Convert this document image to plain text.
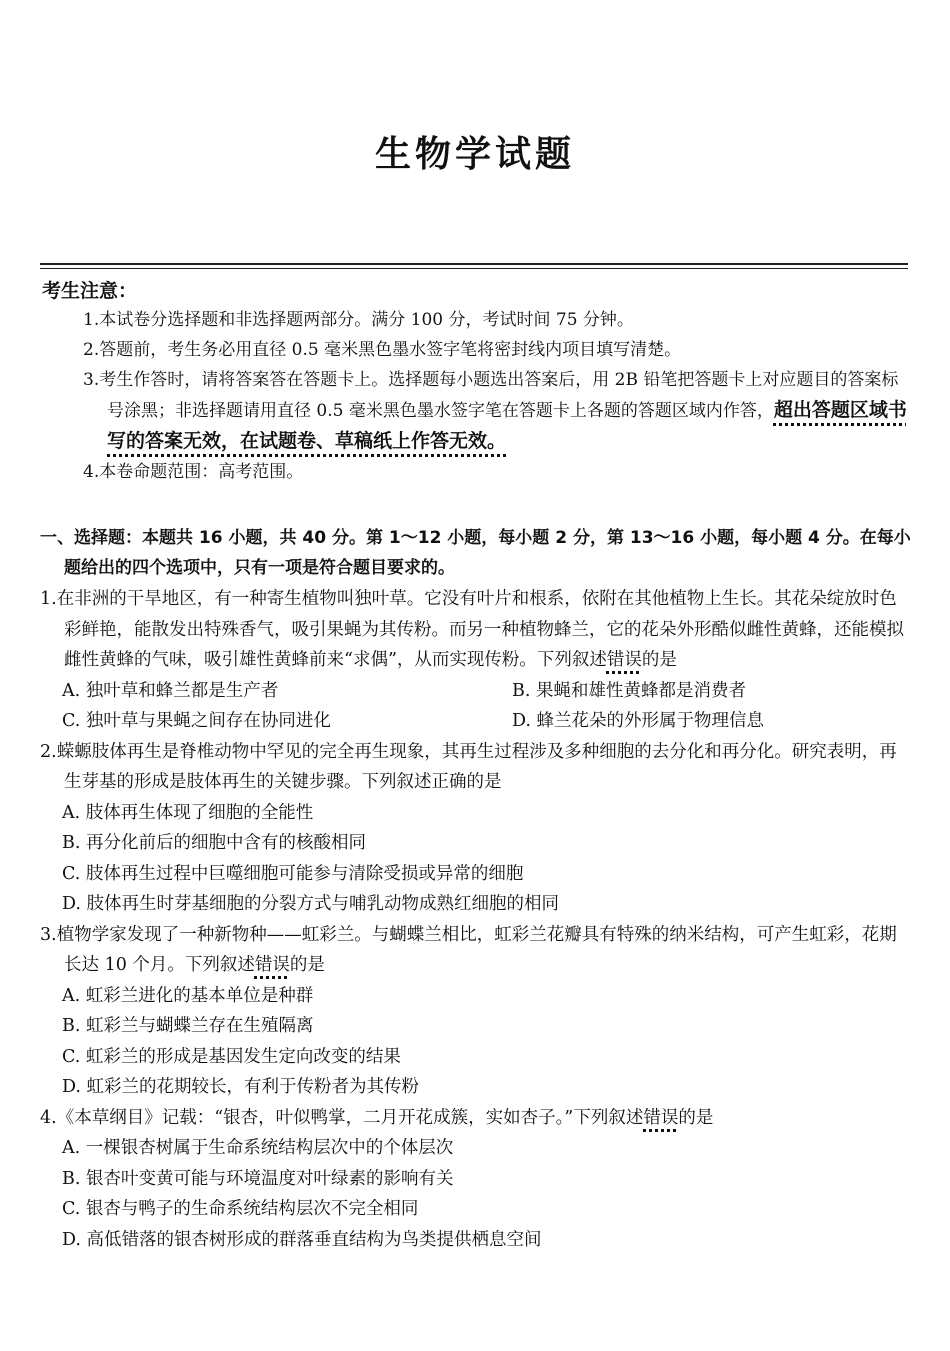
生物学试题

考生注意：

1.本试卷分选择题和非选择题两部分。满分 100 分，考试时间 75 分钟。
2.答题前，考生务必用直径 0.5 毫米黑色墨水签字笔将密封线内项目填写清楚。
3.考生作答时，请将答案答在答题卡上。选择题每小题选出答案后，用 2B 铅笔把答题卡上对应题目的答案标号涂黑；非选择题请用直径 0.5 毫米黑色墨水签字笔在答题卡上各题的答题区域内作答，超出答题区域书写的答案无效，在试题卷、草稿纸上作答无效。
4.本卷命题范围：高考范围。

一、选择题：本题共 16 小题，共 40 分。第 1～12 小题，每小题 2 分，第 13～16 小题，每小题 4 分。在每小题给出的四个选项中，只有一项是符合题目要求的。

1.在非洲的干旱地区，有一种寄生植物叫独叶草。它没有叶片和根系，依附在其他植物上生长。其花朵绽放时色彩鲜艳，能散发出特殊香气，吸引果蝇为其传粉。而另一种植物蜂兰，它的花朵外形酷似雌性黄蜂，还能模拟雌性黄蜂的气味，吸引雄性黄蜂前来“求偶”，从而实现传粉。下列叙述错误的是

A. 独叶草和蜂兰都是生产者	B. 果蝇和雄性黄蜂都是消费者
C. 独叶草与果蝇之间存在协同进化	D. 蜂兰花朵的外形属于物理信息

2.蝾螈肢体再生是脊椎动物中罕见的完全再生现象，其再生过程涉及多种细胞的去分化和再分化。研究表明，再生芽基的形成是肢体再生的关键步骤。下列叙述正确的是

A. 肢体再生体现了细胞的全能性
B. 再分化前后的细胞中含有的核酸相同
C. 肢体再生过程中巨噬细胞可能参与清除受损或异常的细胞
D. 肢体再生时芽基细胞的分裂方式与哺乳动物成熟红细胞的相同

3.植物学家发现了一种新物种——虹彩兰。与蝴蝶兰相比，虹彩兰花瓣具有特殊的纳米结构，可产生虹彩，花期长达 10 个月。下列叙述错误的是

A. 虹彩兰进化的基本单位是种群
B. 虹彩兰与蝴蝶兰存在生殖隔离
C. 虹彩兰的形成是基因发生定向改变的结果
D. 虹彩兰的花期较长，有利于传粉者为其传粉

4.《本草纲目》记载：“银杏，叶似鸭掌，二月开花成簇，实如杏子。”下列叙述错误的是

A. 一棵银杏树属于生命系统结构层次中的个体层次
B. 银杏叶变黄可能与环境温度对叶绿素的影响有关
C. 银杏与鸭子的生命系统结构层次不完全相同
D. 高低错落的银杏树形成的群落垂直结构为鸟类提供栖息空间
